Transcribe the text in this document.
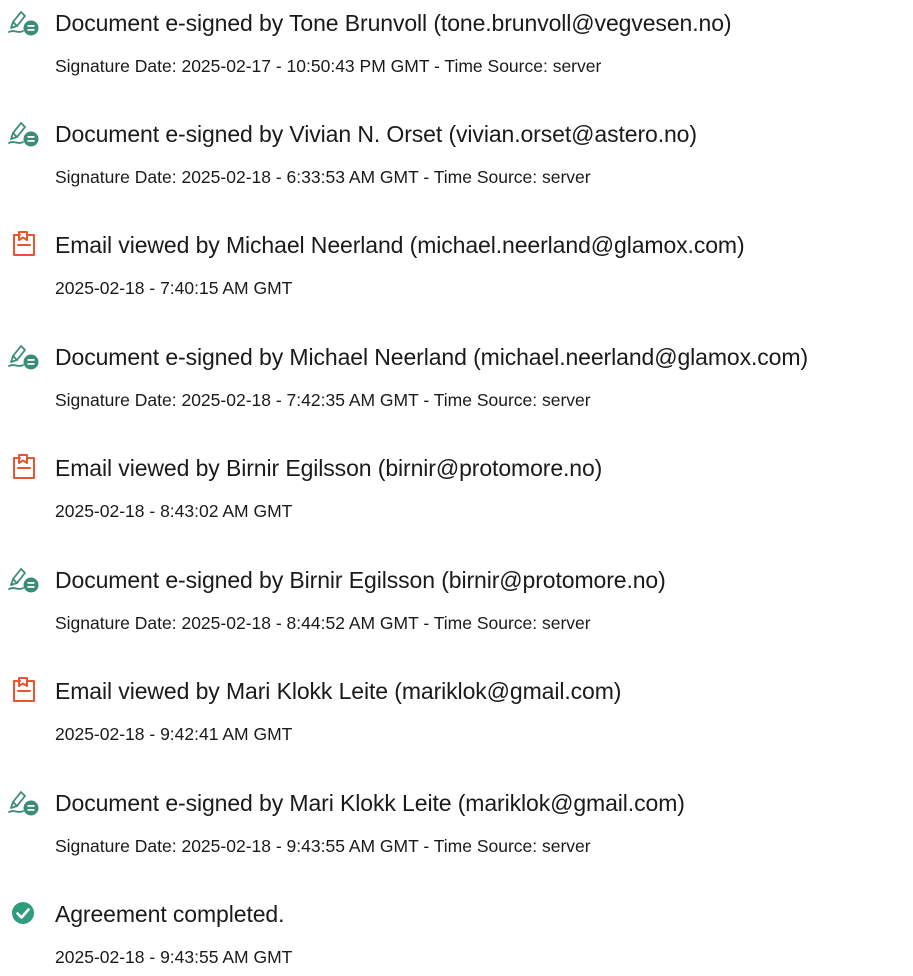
Document e-signed by Tone Brunvoll (tone.brunvoll@vegvesen.no)
Signature Date: 2025-02-17 - 10:50:43 PM GMT - Time Source: server
Document e-signed by Vivian N. Orset (vivian.orset@astero.no)
Signature Date: 2025-02-18 - 6:33:53 AM GMT - Time Source: server
Email viewed by Michael Neerland (michael.neerland@glamox.com)
2025-02-18 - 7:40:15 AM GMT
Document e-signed by Michael Neerland (michael.neerland@glamox.com)
Signature Date: 2025-02-18 - 7:42:35 AM GMT - Time Source: server
Email viewed by Birnir Egilsson (birnir@protomore.no)
2025-02-18 - 8:43:02 AM GMT
Document e-signed by Birnir Egilsson (birnir@protomore.no)
Signature Date: 2025-02-18 - 8:44:52 AM GMT - Time Source: server
Email viewed by Mari Klokk Leite (mariklok@gmail.com)
2025-02-18 - 9:42:41 AM GMT
Document e-signed by Mari Klokk Leite (mariklok@gmail.com)
Signature Date: 2025-02-18 - 9:43:55 AM GMT - Time Source: server
Agreement completed.
2025-02-18 - 9:43:55 AM GMT
